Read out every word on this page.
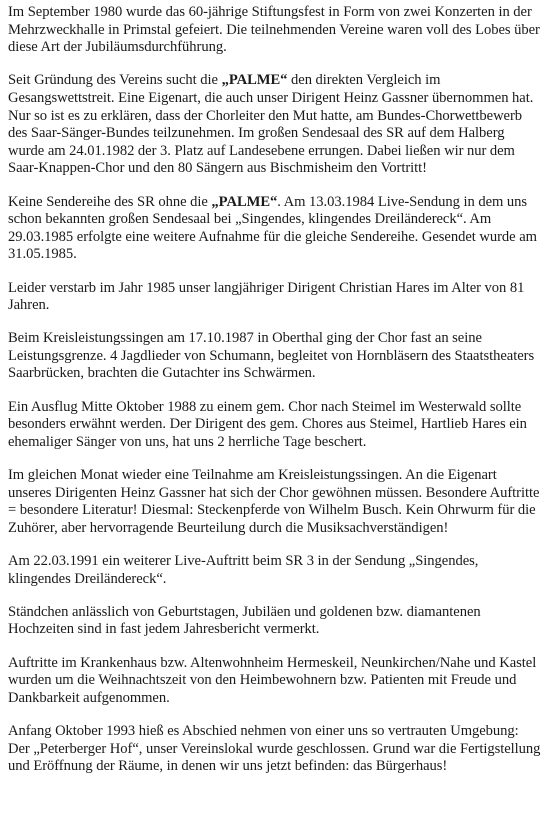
Im September 1980 wurde das 60-jährige Stiftungsfest in Form von zwei Konzerten in der Mehrzweckhalle in Primstal gefeiert. Die teilnehmenden Vereine waren voll des Lobes über diese Art der Jubiläumsdurchführung.

Seit Gründung des Vereins sucht die „PALME“ den direkten Vergleich im Gesangswettstreit. Eine Eigenart, die auch unser Dirigent Heinz Gassner übernommen hat. Nur so ist es zu erklären, dass der Chorleiter den Mut hatte, am Bundes-Chorwettbewerb des Saar-Sänger-Bundes teilzunehmen. Im großen Sendesaal des SR auf dem Halberg wurde am 24.01.1982 der 3. Platz auf Landesebene errungen. Dabei ließen wir nur dem Saar-Knappen-Chor und den 80 Sängern aus Bischmisheim den Vortritt!

Keine Sendereihe des SR ohne die „PALME“. Am 13.03.1984 Live-Sendung in dem uns schon bekannten großen Sendesaal bei „Singendes, klingendes Dreiländereck“. Am 29.03.1985 erfolgte eine weitere Aufnahme für die gleiche Sendereihe. Gesendet wurde am 31.05.1985.

Leider verstarb im Jahr 1985 unser langjähriger Dirigent Christian Hares im Alter von 81 Jahren.

Beim Kreisleistungssingen am 17.10.1987 in Oberthal ging der Chor fast an seine Leistungsgrenze. 4 Jagdlieder von Schumann, begleitet von Hornbläsern des Staatstheaters Saarbrücken, brachten die Gutachter ins Schwärmen.

Ein Ausflug Mitte Oktober 1988 zu einem gem. Chor nach Steimel im Westerwald sollte besonders erwähnt werden. Der Dirigent des gem. Chores aus Steimel, Hartlieb Hares ein ehemaliger Sänger von uns, hat uns 2 herrliche Tage beschert.

Im gleichen Monat wieder eine Teilnahme am Kreisleistungssingen. An die Eigenart unseres Dirigenten Heinz Gassner hat sich der Chor gewöhnen müssen. Besondere Auftritte = besondere Literatur! Diesmal: Steckenpferde von Wilhelm Busch. Kein Ohrwurm für die Zuhörer, aber hervorragende Beurteilung durch die Musiksachverständigen!

Am 22.03.1991 ein weiterer Live-Auftritt beim SR 3 in der Sendung „Singendes, klingendes Dreiländereck“.

Ständchen anlässlich von Geburtstagen, Jubiläen und goldenen bzw. diamantenen Hochzeiten sind in fast jedem Jahresbericht vermerkt.

Auftritte im Krankenhaus bzw. Altenwohnheim Hermeskeil, Neunkirchen/Nahe und Kastel wurden um die Weihnachtszeit von den Heimbewohnern bzw. Patienten mit Freude und Dankbarkeit aufgenommen.

Anfang Oktober 1993 hieß es Abschied nehmen von einer uns so vertrauten Umgebung: Der „Peterberger Hof“, unser Vereinslokal wurde geschlossen. Grund war die Fertigstellung und Eröffnung der Räume, in denen wir uns jetzt befinden: das Bürgerhaus!
